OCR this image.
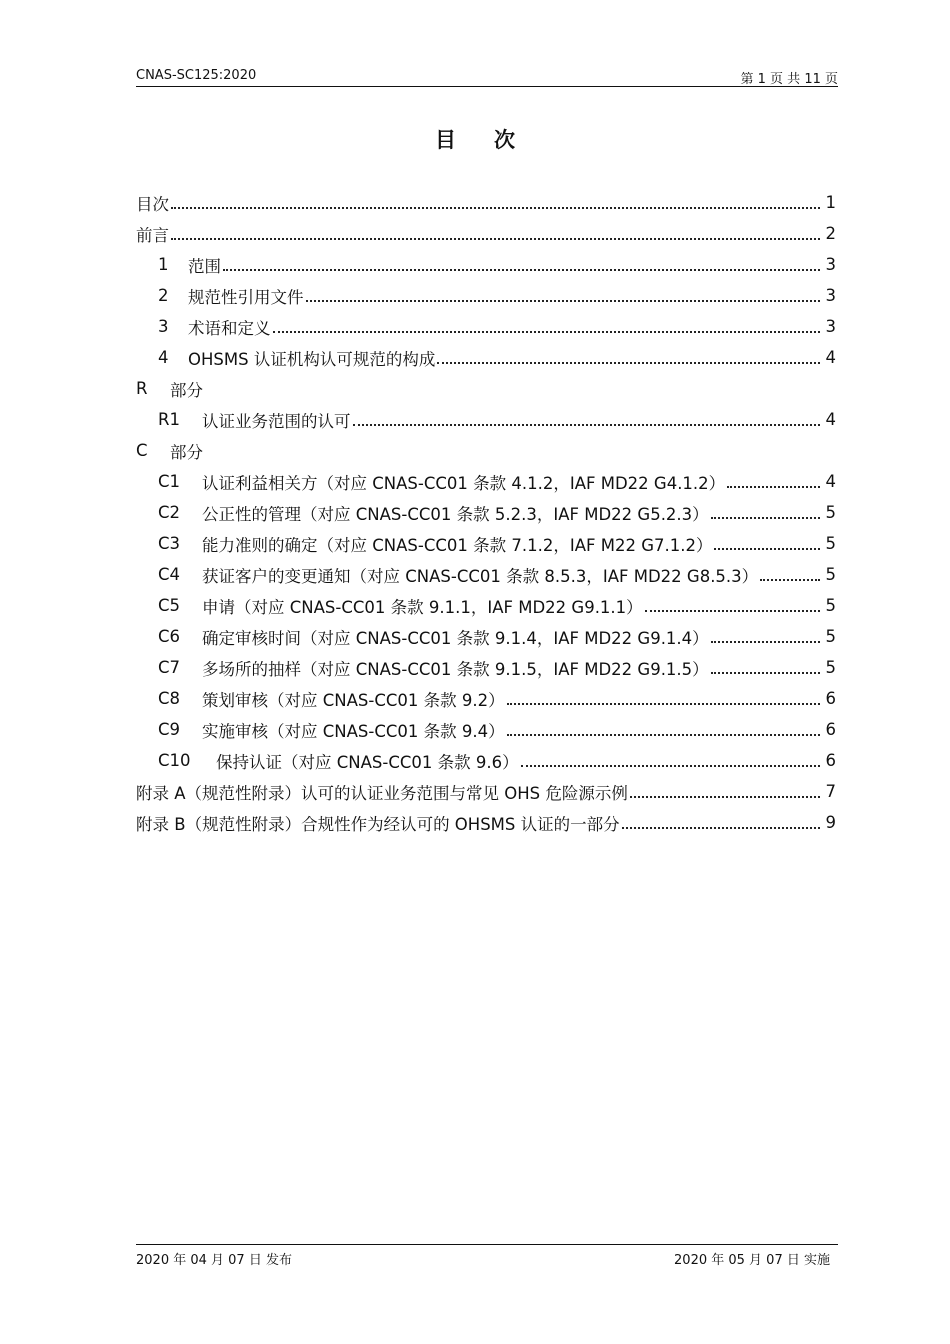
CNAS-SC125:2020	第 1 页 共 11 页
目次
目次	1
前言	2
1	范围	3
2	规范性引用文件	3
3	术语和定义	3
4	OHSMS 认证机构认可规范的构成	4
R	部分
R1	认证业务范围的认可	4
C	部分
C1	认证利益相关方（对应 CNAS-CC01 条款 4.1.2，IAF MD22 G4.1.2）	4
C2	公正性的管理（对应 CNAS-CC01 条款 5.2.3，IAF MD22 G5.2.3）	5
C3	能力准则的确定（对应 CNAS-CC01 条款 7.1.2，IAF M22 G7.1.2）	5
C4	获证客户的变更通知（对应 CNAS-CC01 条款 8.5.3，IAF MD22 G8.5.3）	5
C5	申请（对应 CNAS-CC01 条款 9.1.1，IAF MD22 G9.1.1）	5
C6	确定审核时间（对应 CNAS-CC01 条款 9.1.4，IAF MD22 G9.1.4）	5
C7	多场所的抽样（对应 CNAS-CC01 条款 9.1.5，IAF MD22 G9.1.5）	5
C8	策划审核（对应 CNAS-CC01 条款 9.2）	6
C9	实施审核（对应 CNAS-CC01 条款 9.4）	6
C10	保持认证（对应 CNAS-CC01 条款 9.6）	6
附录 A（规范性附录）认可的认证业务范围与常见 OHS 危险源示例	7
附录 B（规范性附录）合规性作为经认可的 OHSMS 认证的一部分	9
2020 年 04 月 07 日 发布	2020 年 05 月 07 日 实施
